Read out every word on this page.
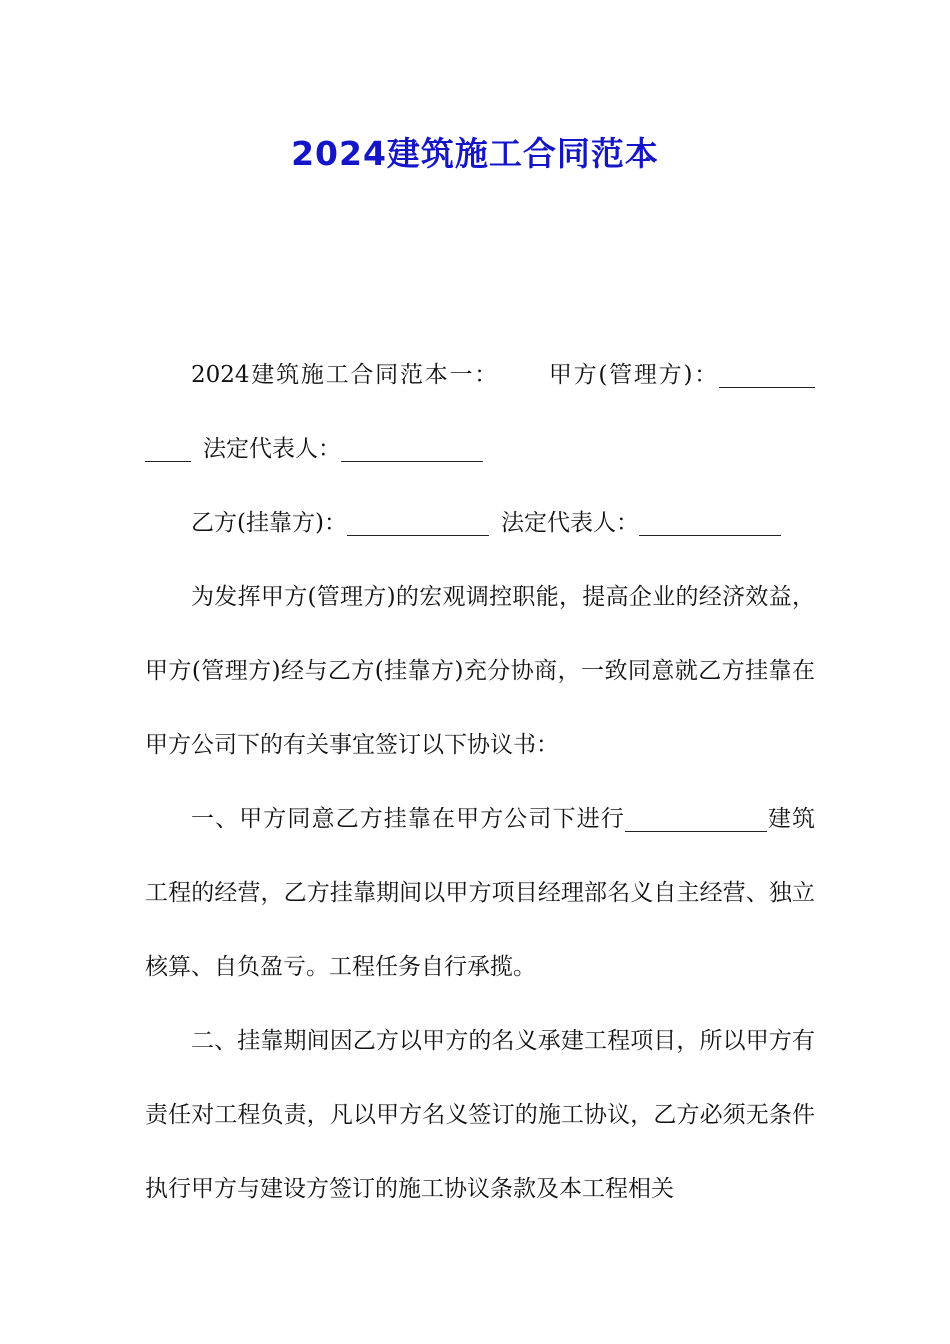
2024建筑施工合同范本

2024建筑施工合同范本一： 甲方(管理方)：法定代表人：

乙方(挂靠方)：	法定代表人：

为发挥甲方(管理方)的宏观调控职能，提高企业的经济效益，甲方(管理方)经与乙方(挂靠方)充分协商，一致同意就乙方挂靠在甲方公司下的有关事宜签订以下协议书：

一、甲方同意乙方挂靠在甲方公司下进行	建筑工程的经营，乙方挂靠期间以甲方项目经理部名义自主经营、独立核算、自负盈亏。工程任务自行承揽。

二、挂靠期间因乙方以甲方的名义承建工程项目，所以甲方有责任对工程负责，凡以甲方名义签订的施工协议，乙方必须无条件执行甲方与建设方签订的施工协议条款及本工程相关
